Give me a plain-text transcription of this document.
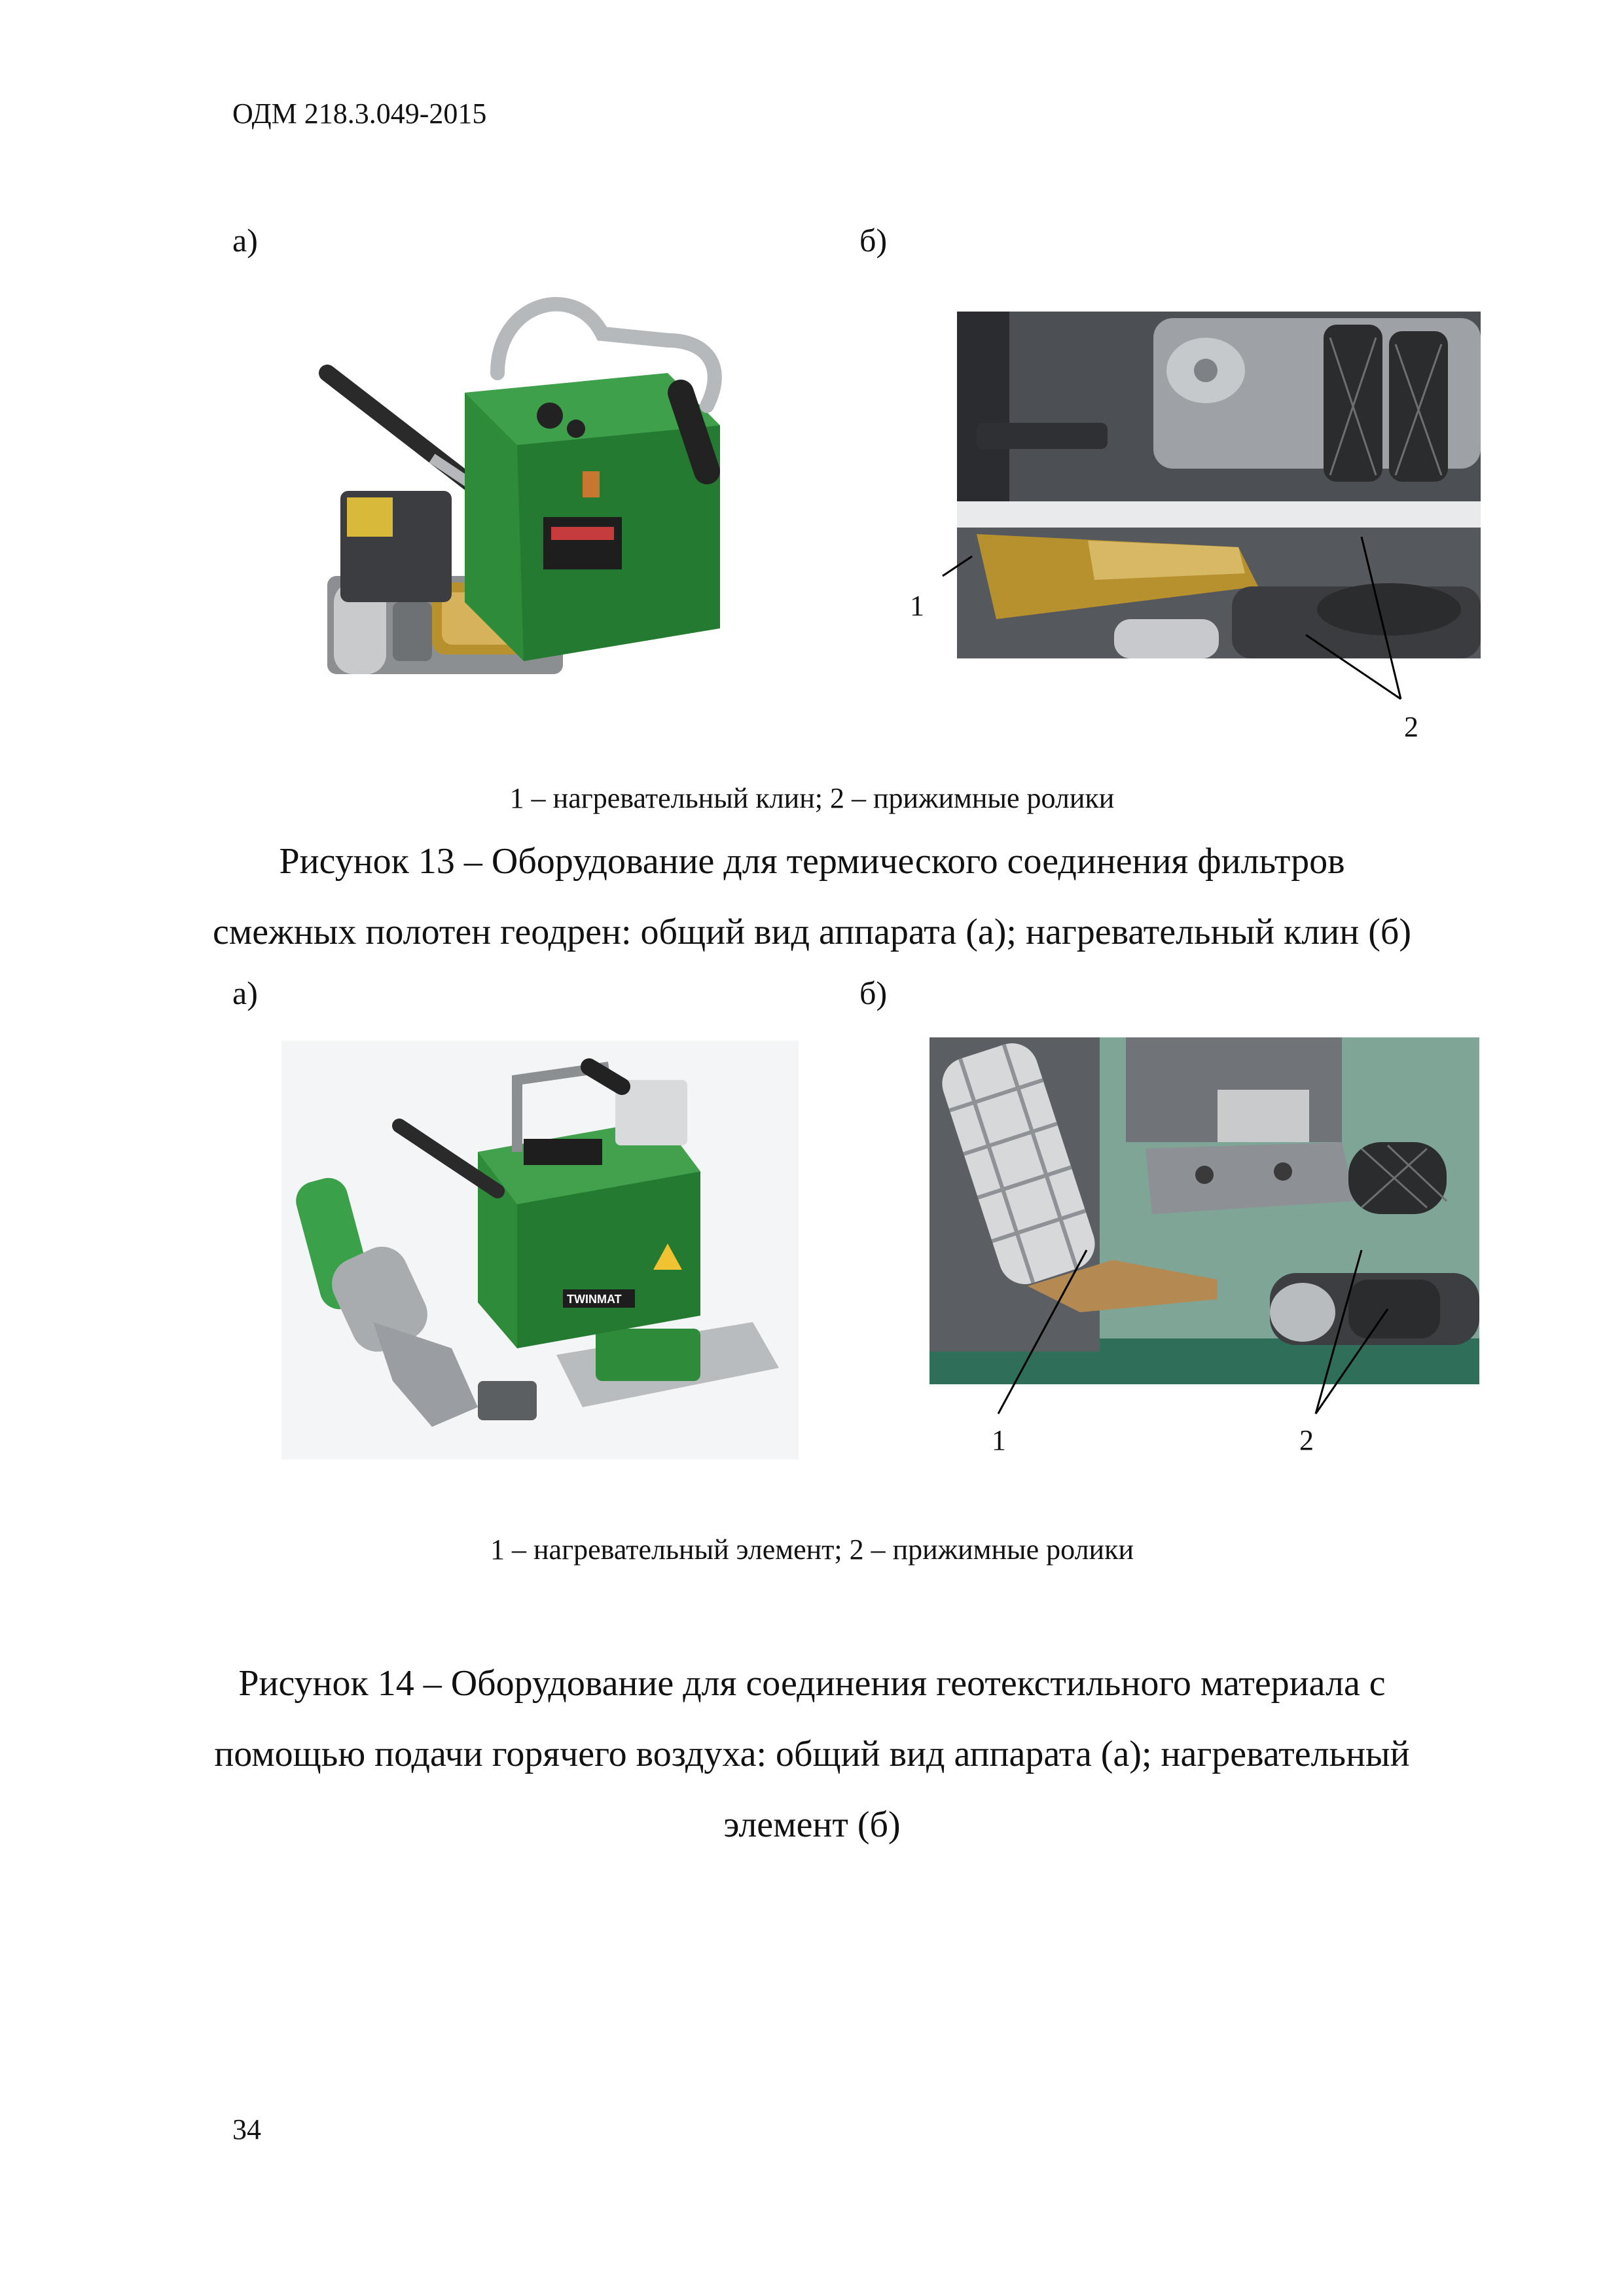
ОДМ 218.3.049-2015
а)	б)
1
2
1 – нагревательный клин; 2 – прижимные ролики
Рисунок 13 – Оборудование для термического соединения фильтров
смежных полотен геодрен: общий вид аппарата (а); нагревательный клин (б)
а)	б)
TWINMAT
1	2
1 – нагревательный элемент; 2 – прижимные ролики
Рисунок 14 – Оборудование для соединения геотекстильного материала с
помощью подачи горячего воздуха: общий вид аппарата (а); нагревательный
элемент (б)
34
